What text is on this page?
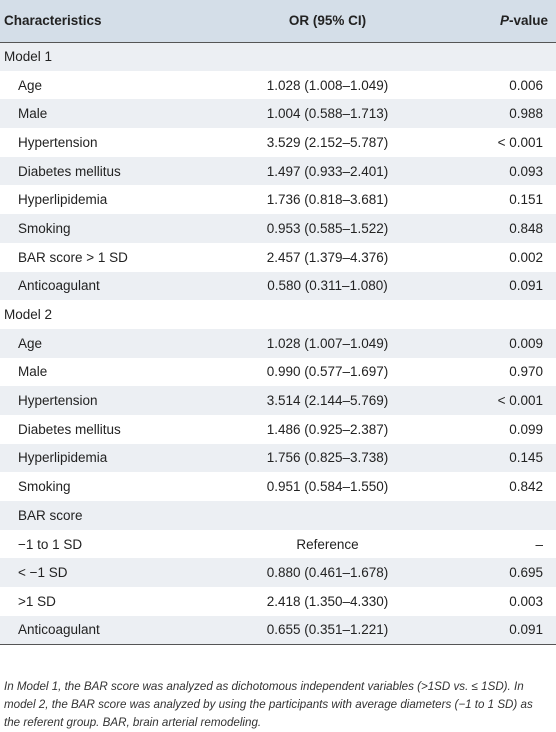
Characteristics	OR (95% CI)	P-value
Model 1		
Age	1.028 (1.008–1.049)	0.006
Male	1.004 (0.588–1.713)	0.988
Hypertension	3.529 (2.152–5.787)	< 0.001
Diabetes mellitus	1.497 (0.933–2.401)	0.093
Hyperlipidemia	1.736 (0.818–3.681)	0.151
Smoking	0.953 (0.585–1.522)	0.848
BAR score > 1 SD	2.457 (1.379–4.376)	0.002
Anticoagulant	0.580 (0.311–1.080)	0.091
Model 2		
Age	1.028 (1.007–1.049)	0.009
Male	0.990 (0.577–1.697)	0.970
Hypertension	3.514 (2.144–5.769)	< 0.001
Diabetes mellitus	1.486 (0.925–2.387)	0.099
Hyperlipidemia	1.756 (0.825–3.738)	0.145
Smoking	0.951 (0.584–1.550)	0.842
BAR score		
−1 to 1 SD	Reference	–
< −1 SD	0.880 (0.461–1.678)	0.695
>1 SD	2.418 (1.350–4.330)	0.003
Anticoagulant	0.655 (0.351–1.221)	0.091
In Model 1, the BAR score was analyzed as dichotomous independent variables (>1SD vs. ≤ 1SD). In model 2, the BAR score was analyzed by using the participants with average diameters (−1 to 1 SD) as the referent group. BAR, brain arterial remodeling.
